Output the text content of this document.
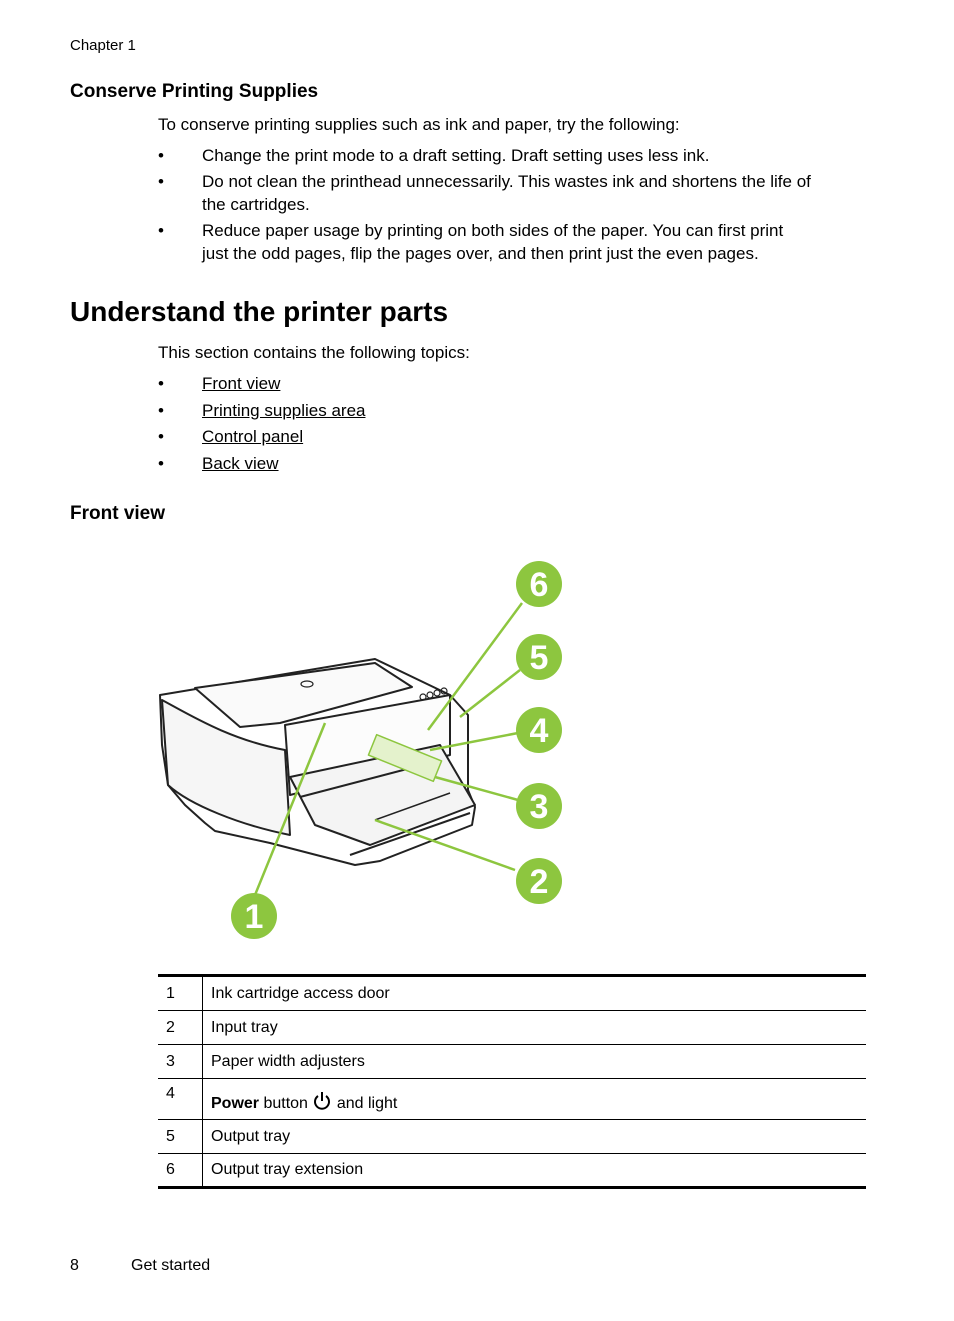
Chapter 1
Conserve Printing Supplies
To conserve printing supplies such as ink and paper, try the following:
• Change the print mode to a draft setting. Draft setting uses less ink.
• Do not clean the printhead unnecessarily. This wastes ink and shortens the life of
the cartridges.
• Reduce paper usage by printing on both sides of the paper. You can first print
just the odd pages, flip the pages over, and then print just the even pages.
Understand the printer parts
This section contains the following topics:
• Front view
• Printing supplies area
• Control panel
• Back view
Front view
1
2
3
4
5
6
1	Ink cartridge access door
2	Input tray
3	Paper width adjusters
4	Power button  and light
5	Output tray
6	Output tray extension
8	Get started
